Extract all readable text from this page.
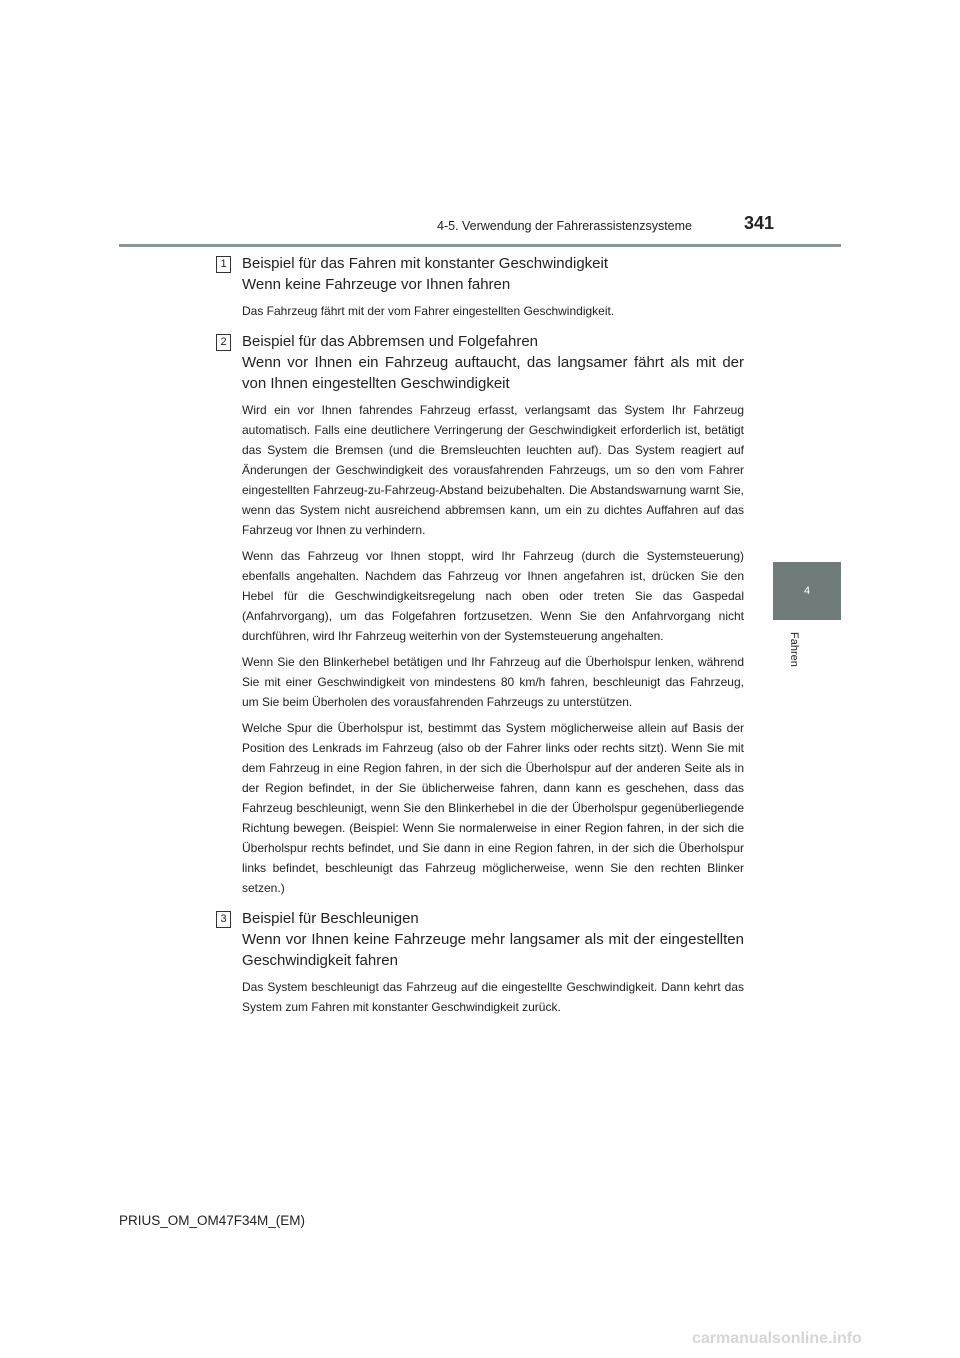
4-5. Verwendung der Fahrerassistenzsysteme	341
4
Fahren
1 Beispiel für das Fahren mit konstanter Geschwindigkeit
Wenn keine Fahrzeuge vor Ihnen fahren

Das Fahrzeug fährt mit der vom Fahrer eingestellten Geschwindigkeit.

2 Beispiel für das Abbremsen und Folgefahren
Wenn vor Ihnen ein Fahrzeug auftaucht, das langsamer fährt als mit der von Ihnen eingestellten Geschwindigkeit

Wird ein vor Ihnen fahrendes Fahrzeug erfasst, verlangsamt das System Ihr Fahrzeug automatisch. Falls eine deutlichere Verringerung der Geschwindigkeit erforderlich ist, betätigt das System die Bremsen (und die Bremsleuchten leuchten auf). Das System reagiert auf Änderungen der Geschwindigkeit des vorausfahrenden Fahrzeugs, um so den vom Fahrer eingestellten Fahrzeug-zu-Fahrzeug-Abstand beizubehalten. Die Abstandswarnung warnt Sie, wenn das System nicht ausreichend abbremsen kann, um ein zu dichtes Auffahren auf das Fahrzeug vor Ihnen zu verhindern.

Wenn das Fahrzeug vor Ihnen stoppt, wird Ihr Fahrzeug (durch die Systemsteuerung) ebenfalls angehalten. Nachdem das Fahrzeug vor Ihnen angefahren ist, drücken Sie den Hebel für die Geschwindigkeitsregelung nach oben oder treten Sie das Gaspedal (Anfahrvorgang), um das Folgefahren fortzusetzen. Wenn Sie den Anfahrvorgang nicht durchführen, wird Ihr Fahrzeug weiterhin von der Systemsteuerung angehalten.

Wenn Sie den Blinkerhebel betätigen und Ihr Fahrzeug auf die Überholspur lenken, während Sie mit einer Geschwindigkeit von mindestens 80 km/h fahren, beschleunigt das Fahrzeug, um Sie beim Überholen des vorausfahrenden Fahrzeugs zu unterstützen.

Welche Spur die Überholspur ist, bestimmt das System möglicherweise allein auf Basis der Position des Lenkrads im Fahrzeug (also ob der Fahrer links oder rechts sitzt). Wenn Sie mit dem Fahrzeug in eine Region fahren, in der sich die Überholspur auf der anderen Seite als in der Region befindet, in der Sie üblicherweise fahren, dann kann es geschehen, dass das Fahrzeug beschleunigt, wenn Sie den Blinkerhebel in die der Überholspur gegenüberliegende Richtung bewegen. (Beispiel: Wenn Sie normalerweise in einer Region fahren, in der sich die Überholspur rechts befindet, und Sie dann in eine Region fahren, in der sich die Überholspur links befindet, beschleunigt das Fahrzeug möglicherweise, wenn Sie den rechten Blinker setzen.)

3 Beispiel für Beschleunigen
Wenn vor Ihnen keine Fahrzeuge mehr langsamer als mit der eingestellten Geschwindigkeit fahren

Das System beschleunigt das Fahrzeug auf die eingestellte Geschwindigkeit. Dann kehrt das System zum Fahren mit konstanter Geschwindigkeit zurück.

PRIUS_OM_OM47F34M_(EM)
carmanualsonline.info
